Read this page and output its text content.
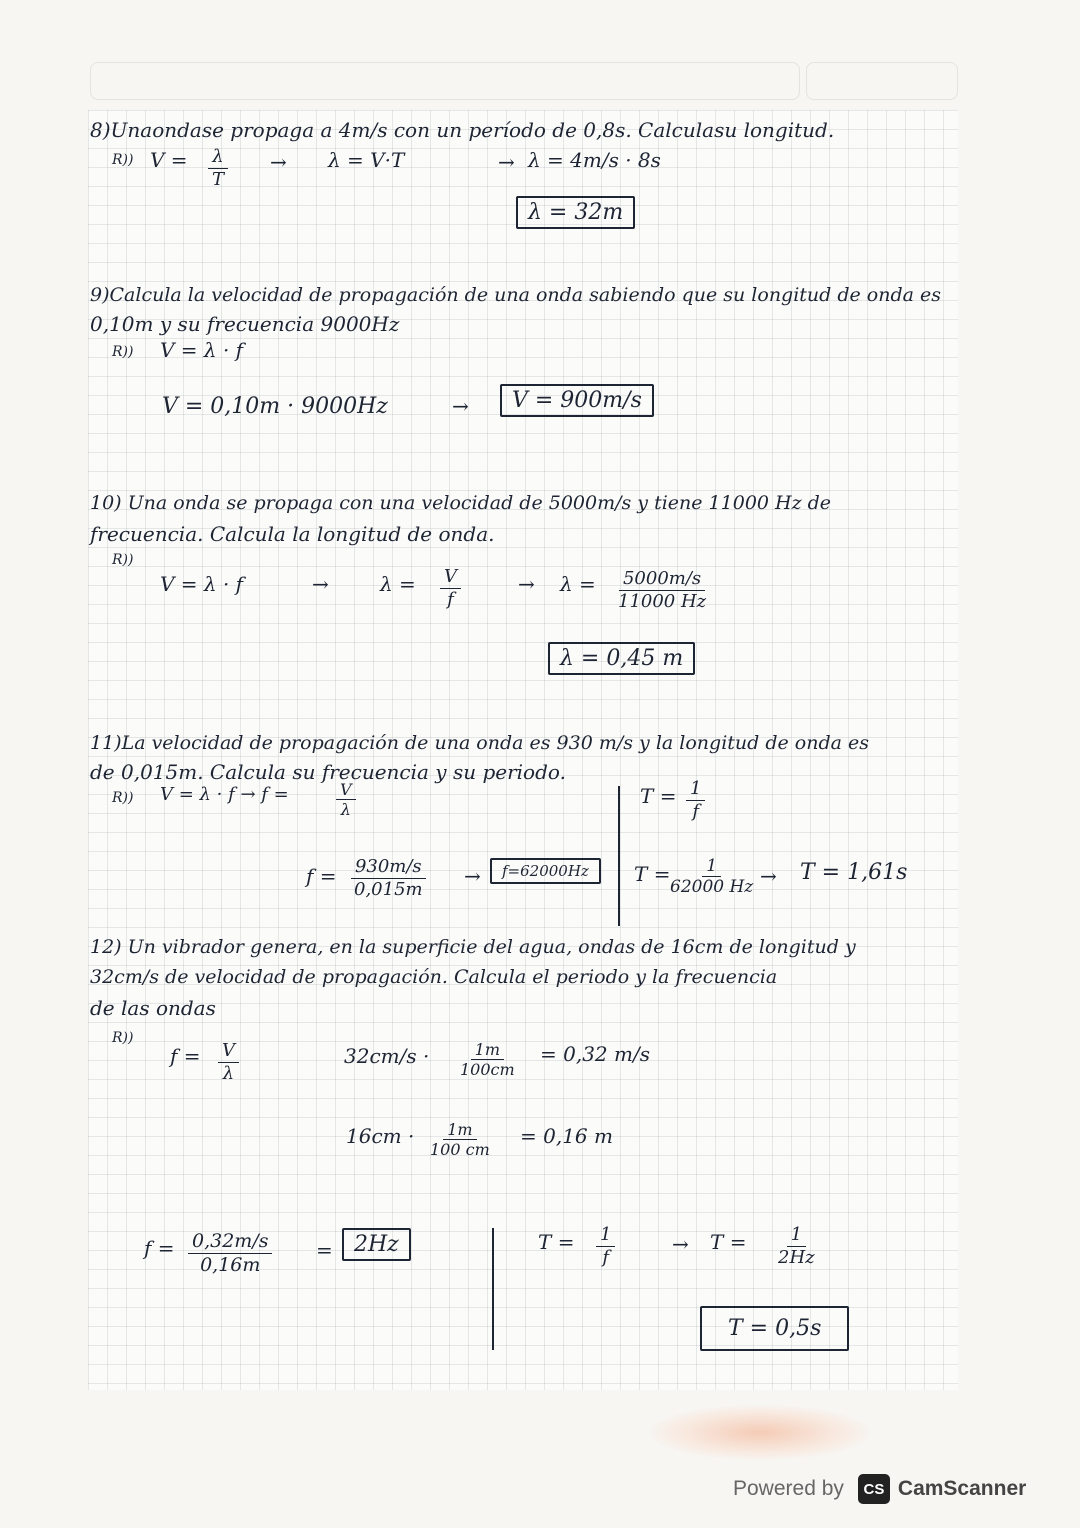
8)Unaondase propaga a 4m/s con un período de 0,8s. Calculasu longitud.
R)) $V = \frac{\lambda}{T} \to \lambda = V\cdot T$	→ λ = 4m/s · 8s
λ = 32m
9)Calcula la velocidad de propagación de una onda sabiendo que su longitud de onda es
0,10m y su frecuencia 9000Hz
R)) V = λ · f
V = 0,10m · 9000Hz	→	V = 900m/s
10) Una onda se propaga con una velocidad de 5000m/s y tiene 11000 Hz de
frecuencia. Calcula la longitud de onda.
R))
V = λ · f	→	$\lambda = \frac{V}{f}$	→ $\lambda = \frac{5000m/s}{11000 Hz}$
λ = 0,45 m
11)La velocidad de propagación de una onda es 930 m/s y la longitud de onda es
de 0,015m. Calcula su frecuencia y su periodo.
R)) V = λ · f → f =	$\frac{V}{\lambda}$
$f = \frac{930m/s}{0,015m}$ →	f=62000Hz
$T = \frac{1}{f}$
T =
$\frac{1}{62000 Hz} \to T = 1,61s$
12) Un vibrador genera, en la superficie del agua, ondas de 16cm de longitud y
32cm/s de velocidad de propagación. Calcula el periodo y la frecuencia
de las ondas
R))
$f = \frac{V}{\lambda}$	$32cm/s \cdot \frac{1m}{100cm} = 0,32$ m/s
$16cm \cdot \frac{1m}{100 cm} = 0,16$ m
$f = \frac{0,32m/s}{0,16m} = 2Hz$	$T = \frac{1}{f}$	→ $T = \frac{1}{2Hz}$
T = 0,5s
Powered by	CS CamScanner
